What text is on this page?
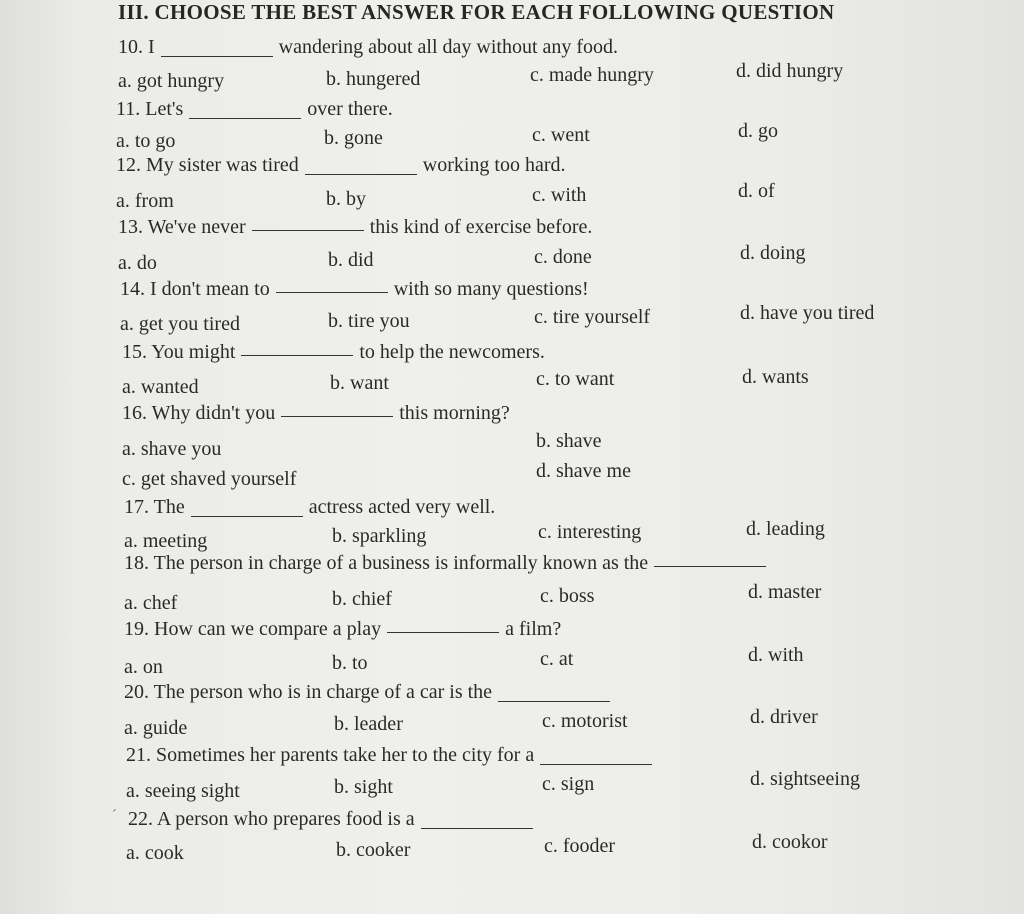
III. CHOOSE THE BEST ANSWER FOR EACH FOLLOWING QUESTION
10. I	wandering about all day without any food.
a. got hungry	b. hungered	c. made hungry	d. did hungry
11. Let's	over there.
a. to go	b. gone	c. went	d. go
12. My sister was tired	working too hard.
a. from	b. by	c. with	d. of
13. We've never	this kind of exercise before.
a. do	b. did	c. done	d. doing
14. I don't mean to	with so many questions!
a. get you tired	b. tire you	c. tire yourself	d. have you tired
15. You might	to help the newcomers.
a. wanted	b. want	c. to want	d. wants
16. Why didn't you	this morning?
a. shave you	b. shave
c. get shaved yourself	d. shave me
17. The	actress acted very well.
a. meeting	b. sparkling	c. interesting	d. leading
18. The person in charge of a business is informally known as the
a. chef	b. chief	c. boss	d. master
19. How can we compare a play	a film?
a. on	b. to	c. at	d. with
20. The person who is in charge of a car is the
a. guide	b. leader	c. motorist	d. driver
21. Sometimes her parents take her to the city for a
a. seeing sight	b. sight	c. sign	d. sightseeing
´ 22. A person who prepares food is a
a. cook	b. cooker	c. fooder	d. cookor
